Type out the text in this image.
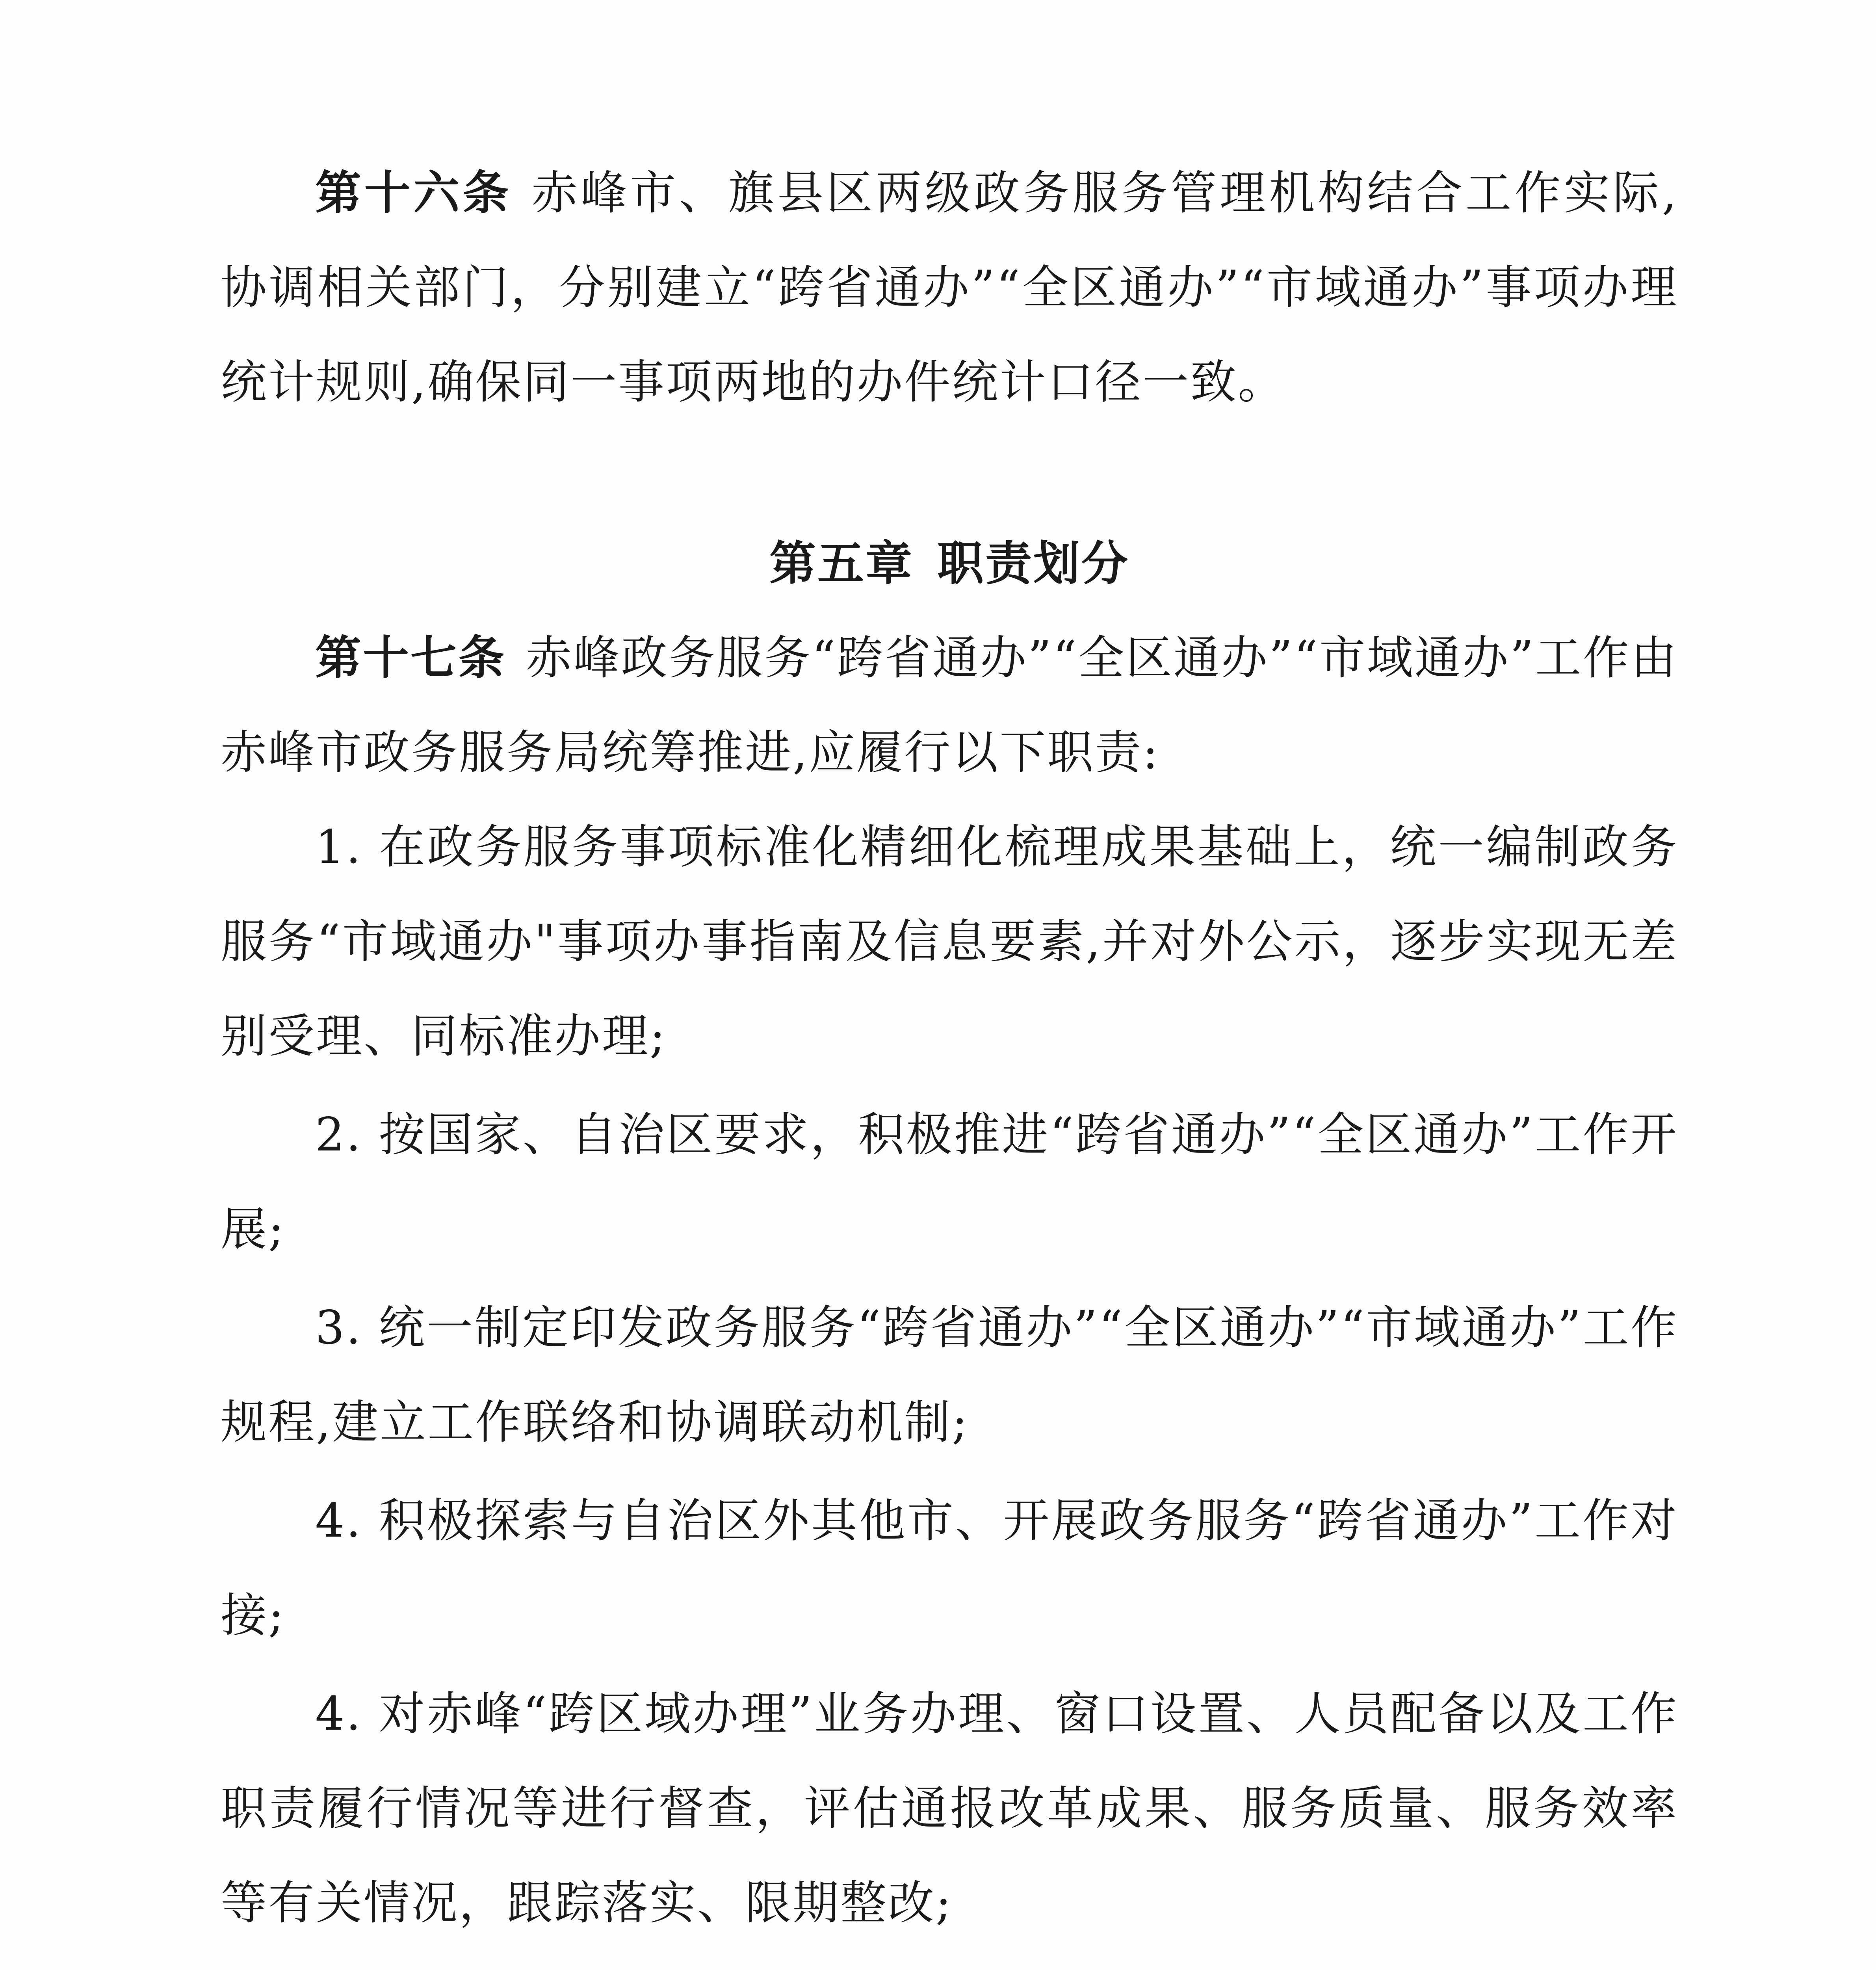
第十六条 赤峰市、旗县区两级政务服务管理机构结合工作实际,协调相关部门，分别建立“跨省通办”“全区通办”“市域通办”事项办理统计规则,确保同一事项两地的办件统计口径一致。

第五章 职责划分

第十七条 赤峰政务服务“跨省通办”“全区通办”“市域通办”工作由赤峰市政务服务局统筹推进,应履行以下职责:

1. 在政务服务事项标准化精细化梳理成果基础上，统一编制政务服务“市域通办"事项办事指南及信息要素,并对外公示，逐步实现无差别受理、同标准办理;

2. 按国家、自治区要求，积极推进“跨省通办”“全区通办”工作开展;

3. 统一制定印发政务服务“跨省通办”“全区通办”“市域通办”工作规程,建立工作联络和协调联动机制;

4. 积极探索与自治区外其他市、开展政务服务“跨省通办”工作对接;

4. 对赤峰“跨区域办理”业务办理、窗口设置、人员配备以及工作职责履行情况等进行督查，评估通报改革成果、服务质量、服务效率等有关情况，跟踪落实、限期整改;
